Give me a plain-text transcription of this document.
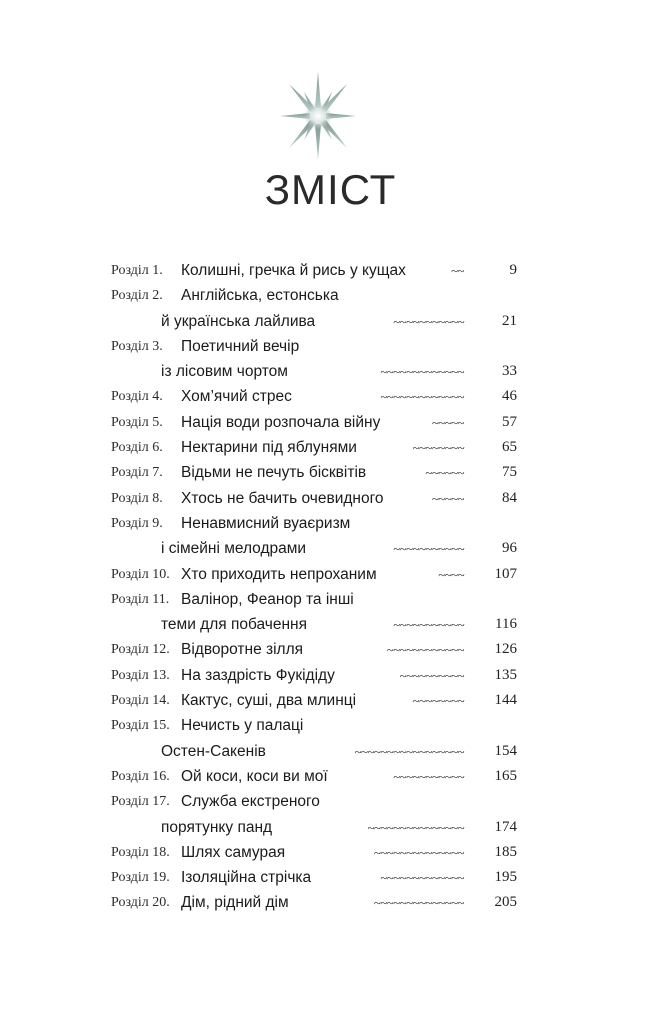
ЗМІСТ
Розділ 1. Колишні, гречка й рись у кущах	~~	9
Розділ 2. Англійська, естонська
й українська лайлива	~~~~~~~~~~~	21
Розділ 3. Поетичний вечір
із лісовим чортом	~~~~~~~~~~~~~	33
Розділ 4. Хом’ячий стрес	~~~~~~~~~~~~~	46
Розділ 5. Нація води розпочала війну	~~~~~	57
Розділ 6. Нектарини під яблунями	~~~~~~~~	65
Розділ 7. Відьми не печуть бісквітів	~~~~~~	75
Розділ 8. Хтось не бачить очевидного	~~~~~	84
Розділ 9. Ненавмисний вуаєризм
і сімейні мелодрами	~~~~~~~~~~~	96
Розділ 10. Хто приходить непроханим	~~~~ 107
Розділ 11. Валінор, Феанор та інші
теми для побачення	~~~~~~~~~~~ 116
Розділ 12. Відворотне зілля	~~~~~~~~~~~~ 126
Розділ 13. На заздрість Фукідіду	~~~~~~~~~~ 135
Розділ 14. Кактус, суші, два млинці	~~~~~~~~ 144
Розділ 15. Нечисть у палаці
Остен-Сакенів	~~~~~~~~~~~~~~~~~ 154
Розділ 16. Ой коси, коси ви мої	~~~~~~~~~~~ 165
Розділ 17. Служба екстреного
порятунку панд	~~~~~~~~~~~~~~~ 174
Розділ 18. Шлях самурая	~~~~~~~~~~~~~~ 185
Розділ 19. Ізоляційна стрічка	~~~~~~~~~~~~~ 195
Розділ 20. Дім, рідний дім	~~~~~~~~~~~~~~ 205
